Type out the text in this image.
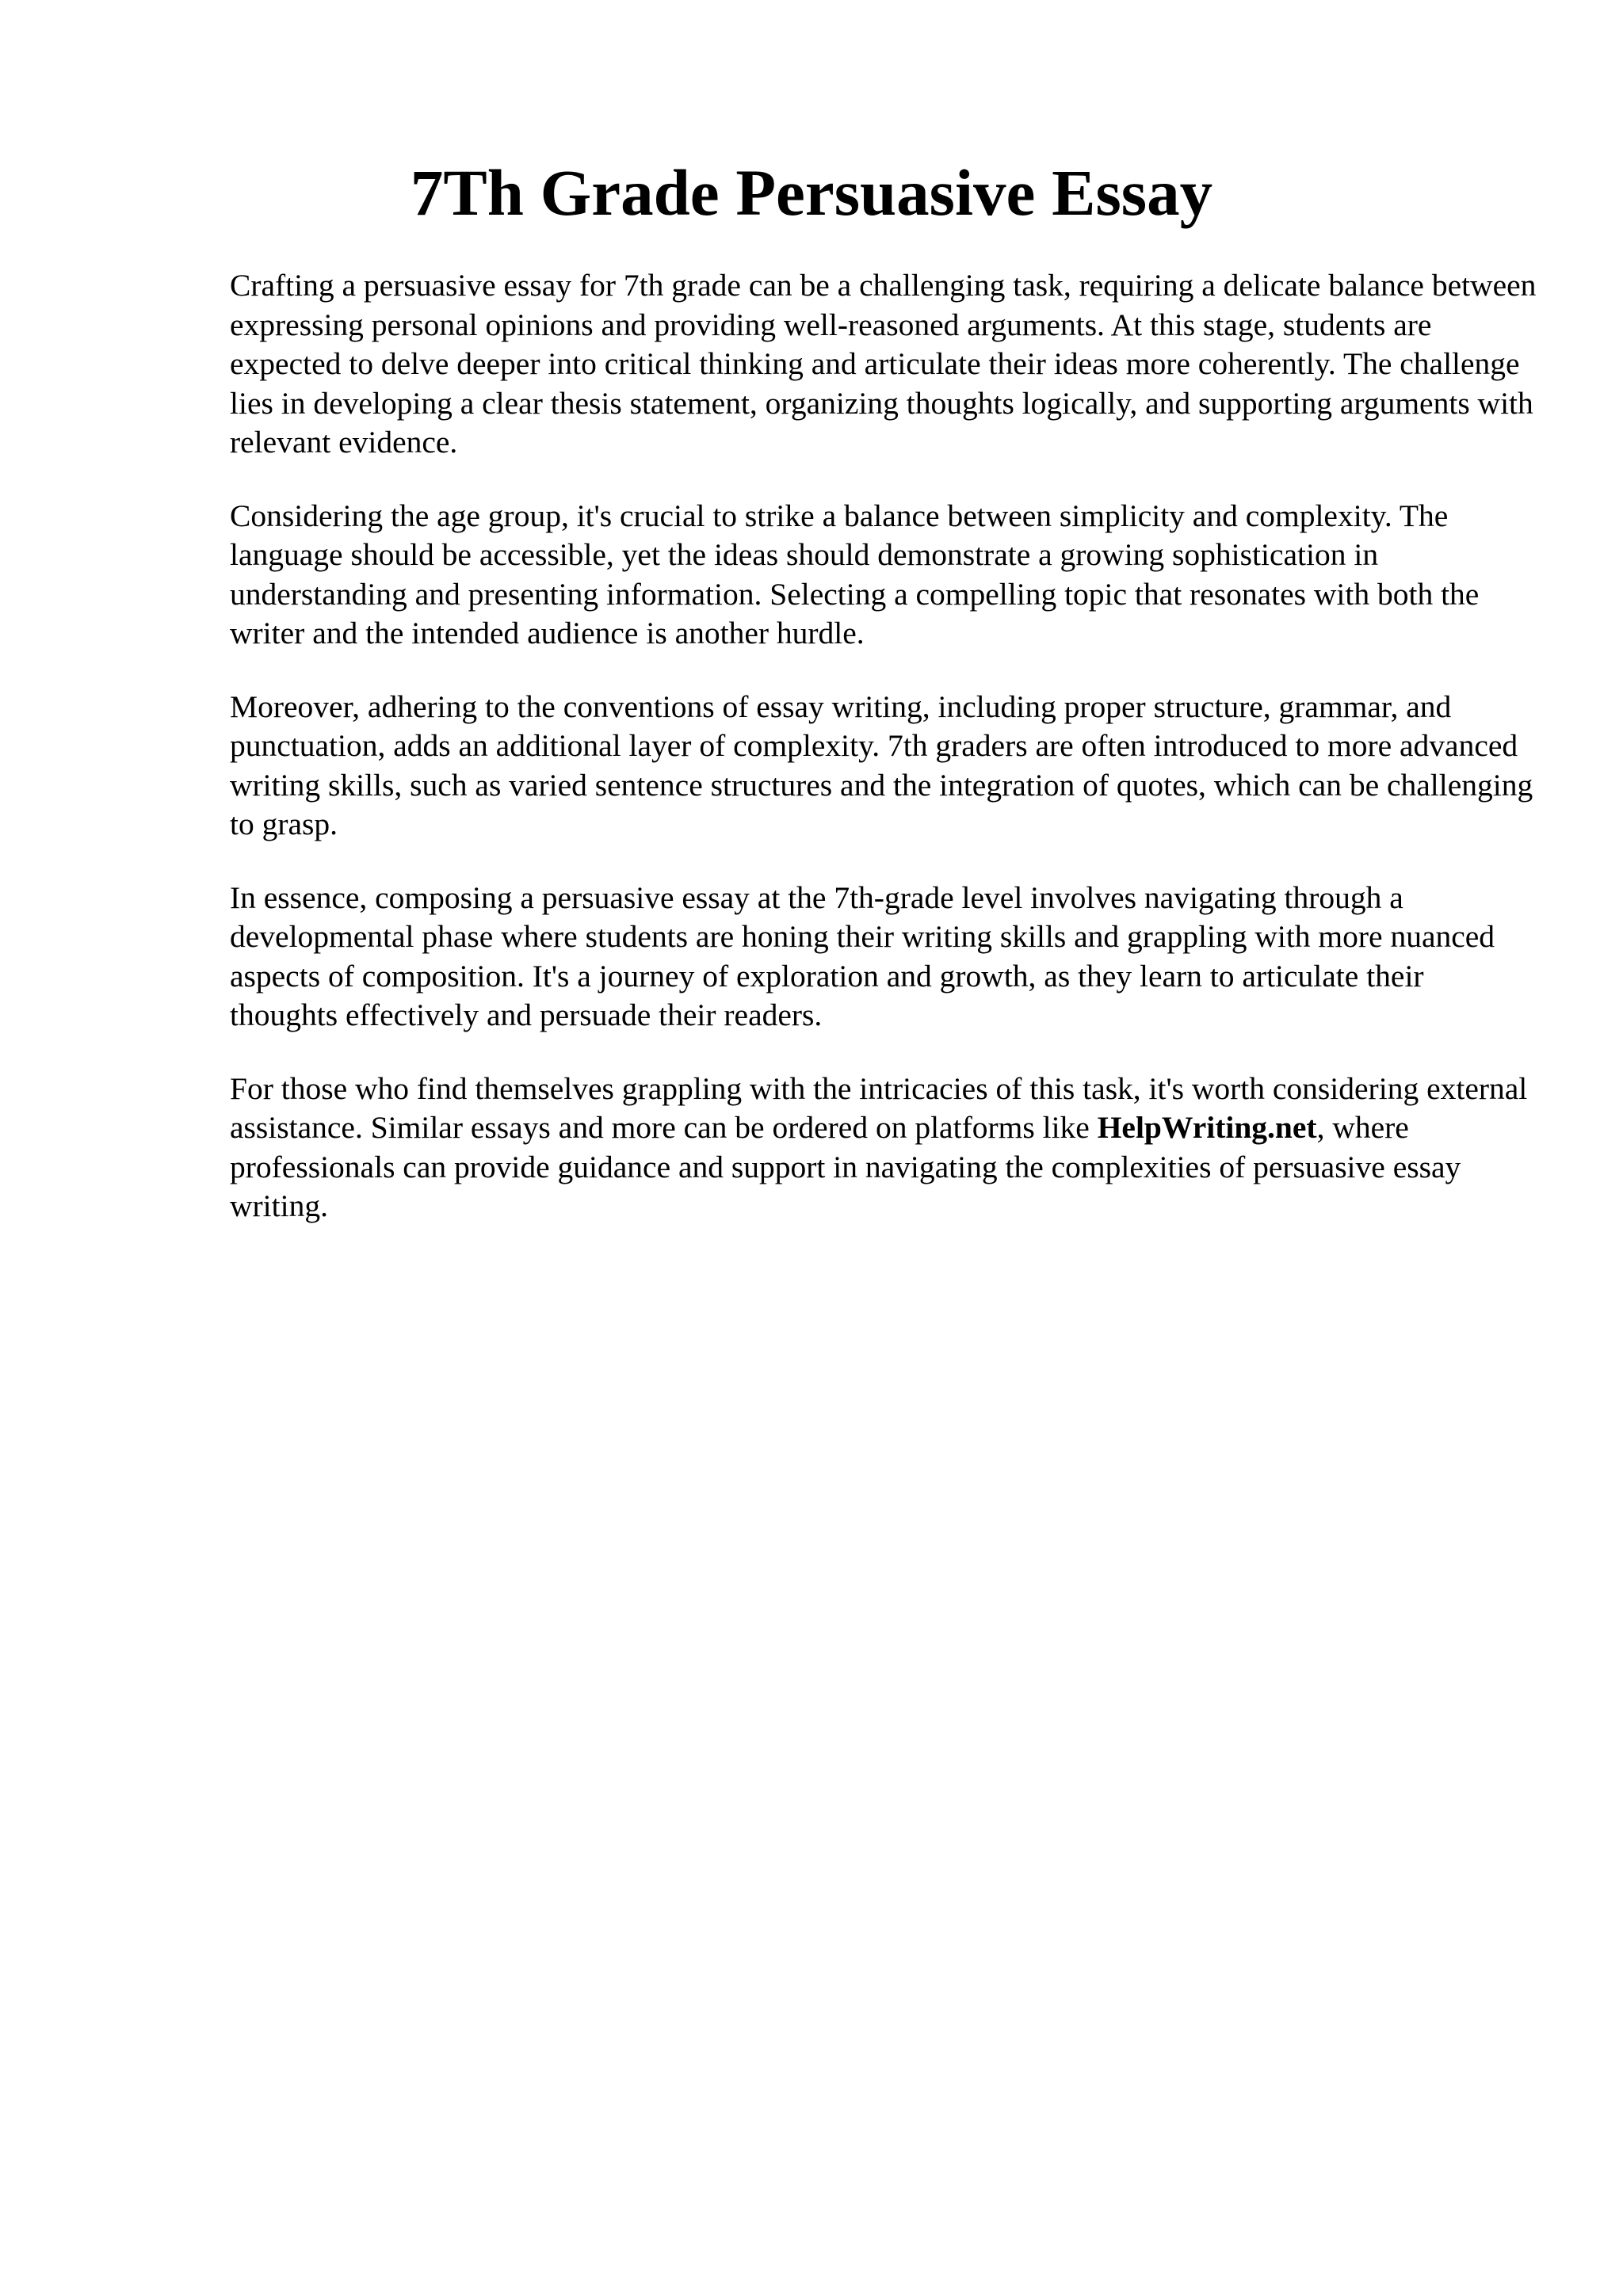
7Th Grade Persuasive Essay

Crafting a persuasive essay for 7th grade can be a challenging task, requiring a delicate balance between expressing personal opinions and providing well-reasoned arguments. At this stage, students are expected to delve deeper into critical thinking and articulate their ideas more coherently. The challenge lies in developing a clear thesis statement, organizing thoughts logically, and supporting arguments with relevant evidence.

Considering the age group, it's crucial to strike a balance between simplicity and complexity. The language should be accessible, yet the ideas should demonstrate a growing sophistication in understanding and presenting information. Selecting a compelling topic that resonates with both the writer and the intended audience is another hurdle.

Moreover, adhering to the conventions of essay writing, including proper structure, grammar, and punctuation, adds an additional layer of complexity. 7th graders are often introduced to more advanced writing skills, such as varied sentence structures and the integration of quotes, which can be challenging to grasp.

In essence, composing a persuasive essay at the 7th-grade level involves navigating through a developmental phase where students are honing their writing skills and grappling with more nuanced aspects of composition. It's a journey of exploration and growth, as they learn to articulate their thoughts effectively and persuade their readers.

For those who find themselves grappling with the intricacies of this task, it's worth considering external assistance. Similar essays and more can be ordered on platforms like HelpWriting.net, where professionals can provide guidance and support in navigating the complexities of persuasive essay writing.
